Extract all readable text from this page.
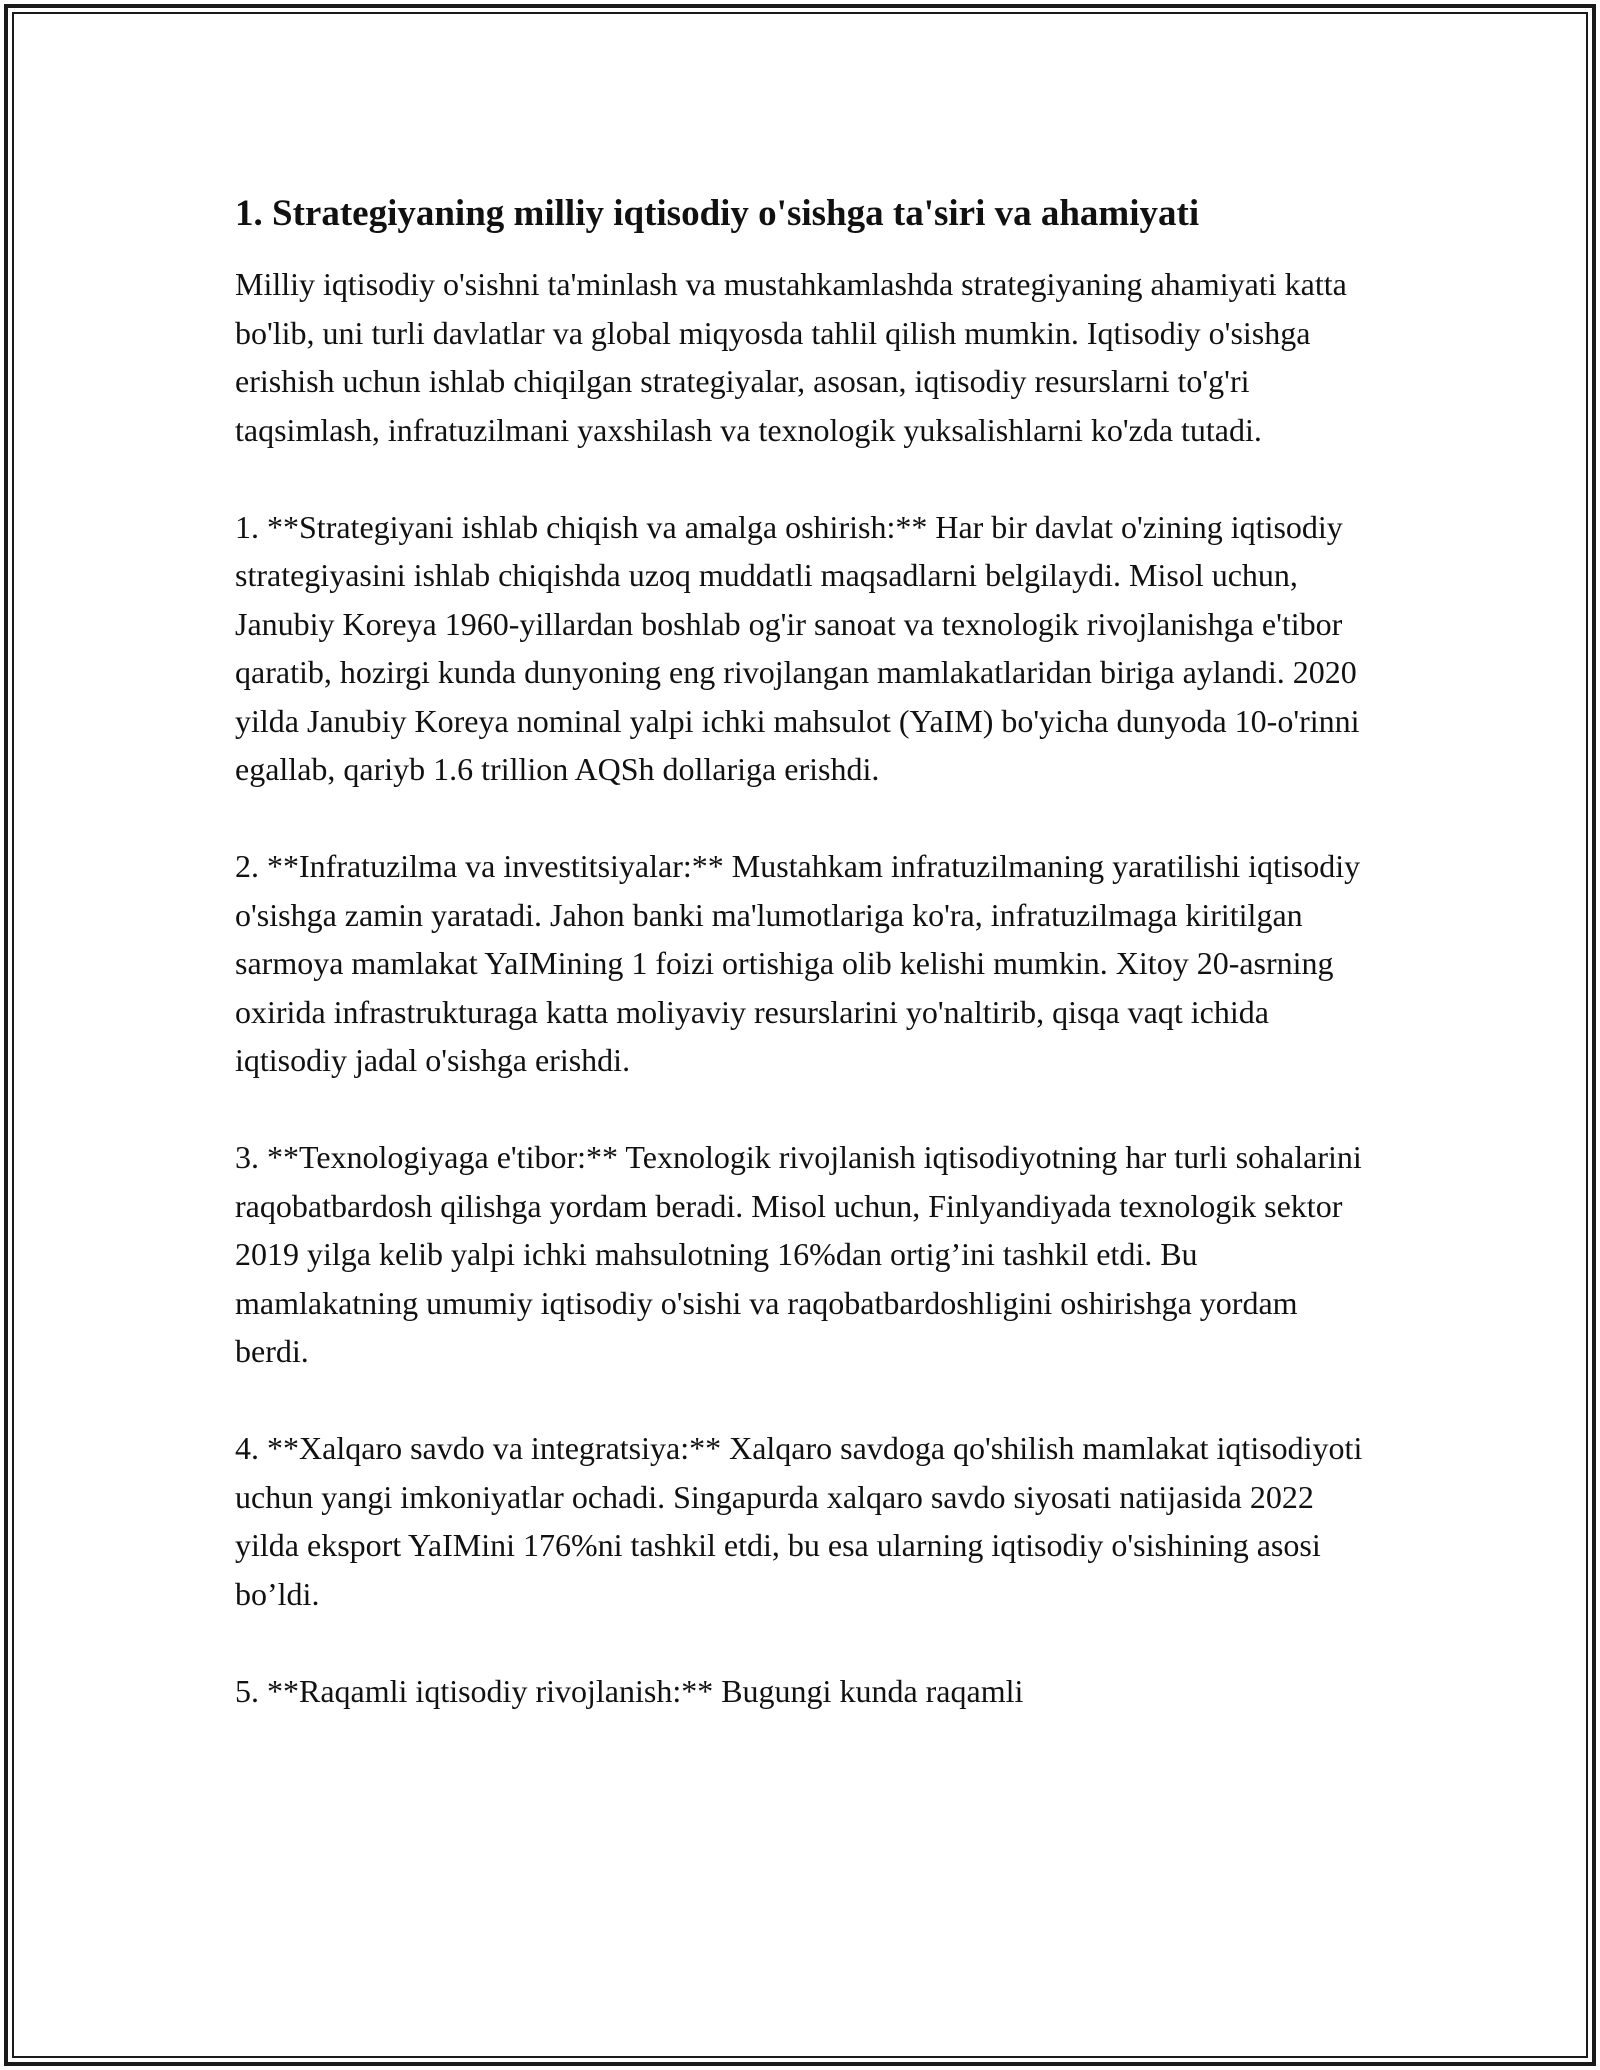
1. Strategiyaning milliy iqtisodiy o'sishga ta'siri va ahamiyati

Milliy iqtisodiy o'sishni ta'minlash va mustahkamlashda strategiyaning ahamiyati katta bo'lib, uni turli davlatlar va global miqyosda tahlil qilish mumkin. Iqtisodiy o'sishga erishish uchun ishlab chiqilgan strategiyalar, asosan, iqtisodiy resurslarni to'g'ri taqsimlash, infratuzilmani yaxshilash va texnologik yuksalishlarni ko'zda tutadi.

1. **Strategiyani ishlab chiqish va amalga oshirish:** Har bir davlat o'zining iqtisodiy strategiyasini ishlab chiqishda uzoq muddatli maqsadlarni belgilaydi. Misol uchun, Janubiy Koreya 1960-yillardan boshlab og'ir sanoat va texnologik rivojlanishga e'tibor qaratib, hozirgi kunda dunyoning eng rivojlangan mamlakatlaridan biriga aylandi. 2020 yilda Janubiy Koreya nominal yalpi ichki mahsulot (YaIM) bo'yicha dunyoda 10-o'rinni egallab, qariyb 1.6 trillion AQSh dollariga erishdi.

2. **Infratuzilma va investitsiyalar:** Mustahkam infratuzilmaning yaratilishi iqtisodiy o'sishga zamin yaratadi. Jahon banki ma'lumotlariga ko'ra, infratuzilmaga kiritilgan sarmoya mamlakat YaIMining 1 foizi ortishiga olib kelishi mumkin. Xitoy 20-asrning oxirida infrastrukturaga katta moliyaviy resurslarini yo'naltirib, qisqa vaqt ichida iqtisodiy jadal o'sishga erishdi.

3. **Texnologiyaga e'tibor:** Texnologik rivojlanish iqtisodiyotning har turli sohalarini raqobatbardosh qilishga yordam beradi. Misol uchun, Finlyandiyada texnologik sektor 2019 yilga kelib yalpi ichki mahsulotning 16%dan ortig’ini tashkil etdi. Bu mamlakatning umumiy iqtisodiy o'sishi va raqobatbardoshligini oshirishga yordam berdi.

4. **Xalqaro savdo va integratsiya:** Xalqaro savdoga qo'shilish mamlakat iqtisodiyoti uchun yangi imkoniyatlar ochadi. Singapurda xalqaro savdo siyosati natijasida 2022 yilda eksport YaIMini 176%ni tashkil etdi, bu esa ularning iqtisodiy o'sishining asosi bo’ldi.

5. **Raqamli iqtisodiy rivojlanish:** Bugungi kunda raqamli
